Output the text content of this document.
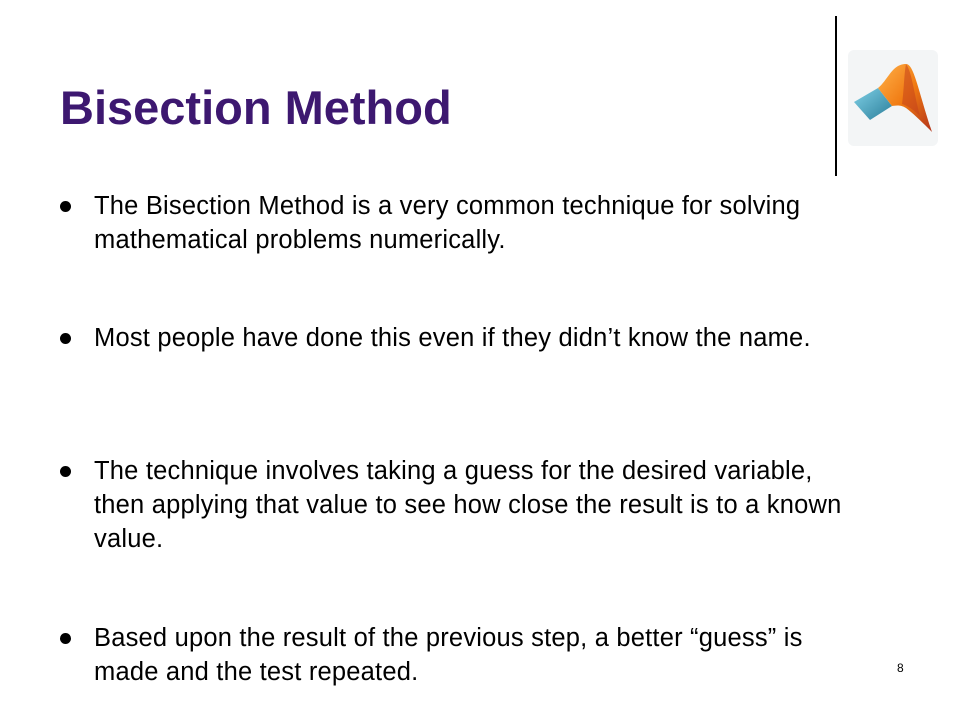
Bisection Method
The Bisection Method is a very common technique for solving mathematical problems numerically.
Most people have done this even if they didn’t know the name.
The technique involves taking a guess for the desired variable, then applying that value to see how close the result is to a known value.
Based upon the result of the previous step, a better “guess” is made and the test repeated.	8
